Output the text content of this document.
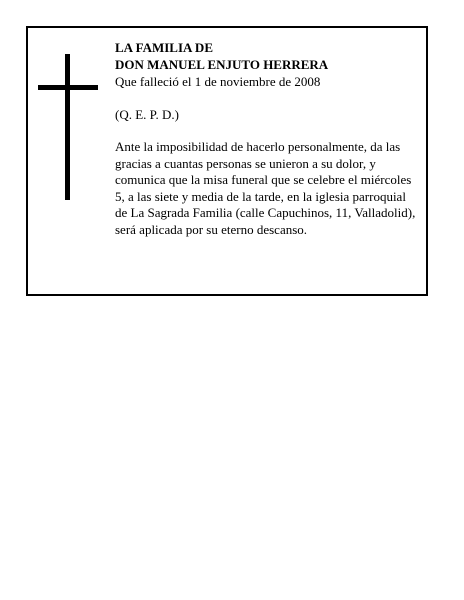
LA FAMILIA DE
DON MANUEL ENJUTO HERRERA
Que falleció el 1 de noviembre de 2008
(Q. E. P. D.)
Ante la imposibilidad de hacerlo personalmente, da las gracias a cuantas personas se unieron a su dolor, y comunica que la misa funeral que se celebre el miércoles 5, a las siete y media de la tarde, en la iglesia parroquial de La Sagrada Familia (calle Capuchinos, 11, Valladolid), será aplicada por su eterno descanso.
